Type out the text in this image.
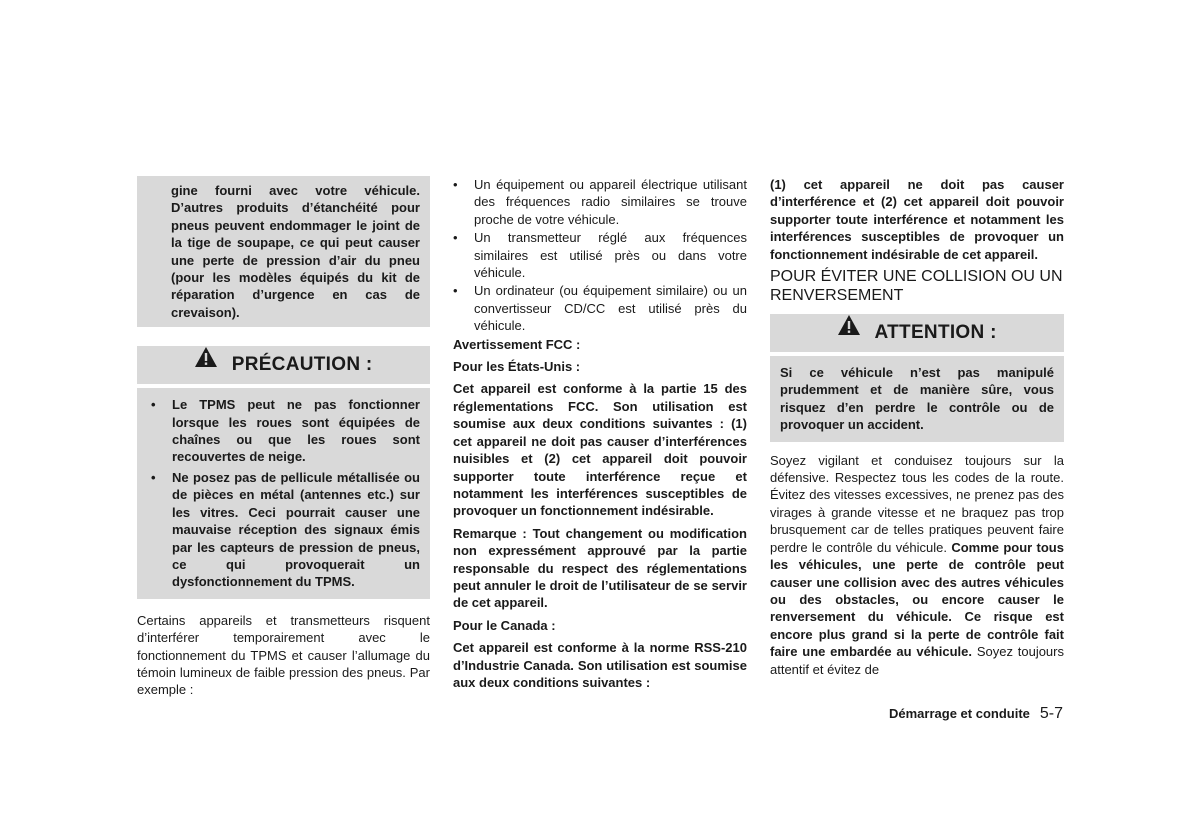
gine fourni avec votre véhicule. D’autres produits d’étanchéité pour pneus peuvent endommager le joint de la tige de soupape, ce qui peut causer une perte de pression d’air du pneu (pour les modèles équipés du kit de réparation d’urgence en cas de crevaison).
PRÉCAUTION :
•	Le TPMS peut ne pas fonctionner lorsque les roues sont équipées de chaînes ou que les roues sont recouvertes de neige.
•	Ne posez pas de pellicule métallisée ou de pièces en métal (antennes etc.) sur les vitres. Ceci pourrait causer une mauvaise réception des signaux émis par les capteurs de pression de pneus, ce qui provoquerait un dysfonctionnement du TPMS.
Certains appareils et transmetteurs risquent d’interférer temporairement avec le fonctionnement du TPMS et causer l’allumage du témoin lumineux de faible pression des pneus. Par exemple :
•	Un équipement ou appareil électrique utilisant des fréquences radio similaires se trouve proche de votre véhicule.
•	Un transmetteur réglé aux fréquences similaires est utilisé près ou dans votre véhicule.
•	Un ordinateur (ou équipement similaire) ou un convertisseur CD/CC est utilisé près du véhicule.
Avertissement FCC :
Pour les États-Unis :
Cet appareil est conforme à la partie 15 des réglementations FCC. Son utilisation est soumise aux deux conditions suivantes : (1) cet appareil ne doit pas causer d’interférences nuisibles et (2) cet appareil doit pouvoir supporter toute interférence reçue et notamment les interférences susceptibles de provoquer un fonctionnement indésirable.
Remarque : Tout changement ou modification non expressément approuvé par la partie responsable du respect des réglementations peut annuler le droit de l’utilisateur de se servir de cet appareil.
Pour le Canada :
Cet appareil est conforme à la norme RSS-210 d’Industrie Canada. Son utilisation est soumise aux deux conditions suivantes :
(1) cet appareil ne doit pas causer d’interférence et (2) cet appareil doit pouvoir supporter toute interférence et notamment les interférences susceptibles de provoquer un fonctionnement indésirable de cet appareil.
POUR ÉVITER UNE COLLISION OU UN RENVERSEMENT
ATTENTION :
Si ce véhicule n’est pas manipulé prudemment et de manière sûre, vous risquez d’en perdre le contrôle ou de provoquer un accident.
Soyez vigilant et conduisez toujours sur la défensive. Respectez tous les codes de la route. Évitez des vitesses excessives, ne prenez pas des virages à grande vitesse et ne braquez pas trop brusquement car de telles pratiques peuvent faire perdre le contrôle du véhicule. Comme pour tous les véhicules, une perte de contrôle peut causer une collision avec des autres véhicules ou des obstacles, ou encore causer le renversement du véhicule. Ce risque est encore plus grand si la perte de contrôle fait faire une embardée au véhicule. Soyez toujours attentif et évitez de
Démarrage et conduite 5-7
